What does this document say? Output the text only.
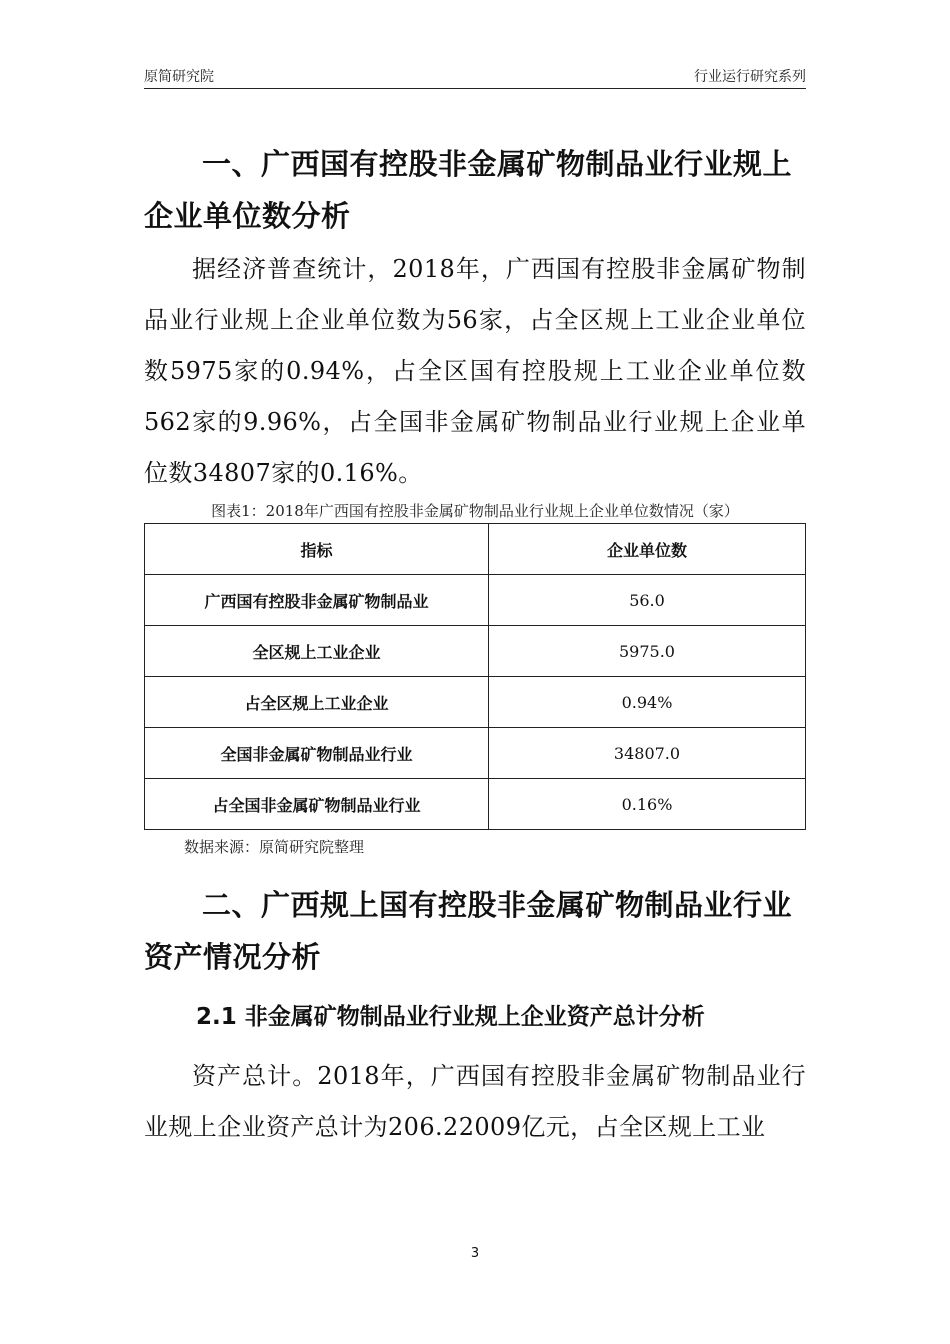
原简研究院	行业运行研究系列
一、广西国有控股非金属矿物制品业行业规上企业单位数分析

据经济普查统计，2018年，广西国有控股非金属矿物制品业行业规上企业单位数为56家，占全区规上工业企业单位数5975家的0.94%，占全区国有控股规上工业企业单位数562家的9.96%，占全国非金属矿物制品业行业规上企业单位数34807家的0.16%。

图表1：2018年广西国有控股非金属矿物制品业行业规上企业单位数情况（家）
指标	企业单位数
广西国有控股非金属矿物制品业	56.0
全区规上工业企业	5975.0
占全区规上工业企业	0.94%
全国非金属矿物制品业行业	34807.0
占全国非金属矿物制品业行业	0.16%
数据来源：原简研究院整理
二、广西规上国有控股非金属矿物制品业行业资产情况分析
2.1 非金属矿物制品业行业规上企业资产总计分析

资产总计。2018年，广西国有控股非金属矿物制品业行业规上企业资产总计为206.22009亿元，占全区规上工业

3
